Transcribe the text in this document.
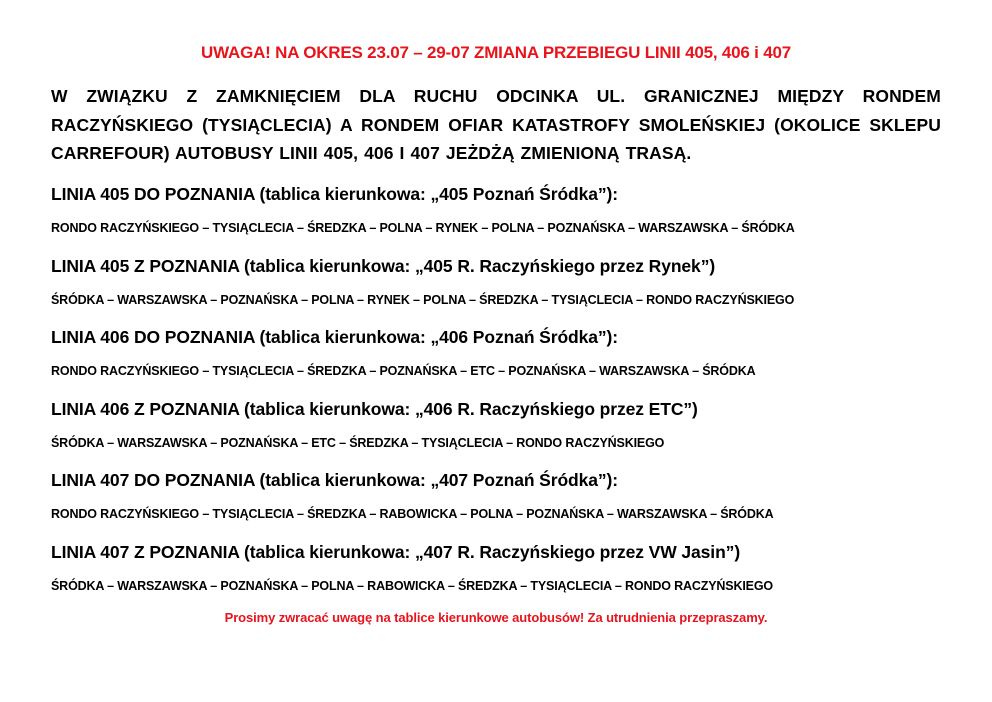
UWAGA! NA OKRES 23.07 – 29-07 ZMIANA PRZEBIEGU LINII 405, 406 i 407
W ZWIĄZKU Z ZAMKNIĘCIEM DLA RUCHU ODCINKA UL. GRANICZNEJ MIĘDZY RONDEM RACZYŃSKIEGO (TYSIĄCLECIA) A RONDEM OFIAR KATASTROFY SMOLEŃSKIEJ (OKOLICE SKLEPU CARREFOUR) AUTOBUSY LINII 405, 406 I 407 JEŻDŻĄ ZMIENIONĄ TRASĄ.
LINIA 405 DO POZNANIA (tablica kierunkowa: „405 Poznań Śródka”):
RONDO RACZYŃSKIEGO – TYSIĄCLECIA – ŚREDZKA – POLNA – RYNEK – POLNA – POZNAŃSKA – WARSZAWSKA – ŚRÓDKA
LINIA 405 Z POZNANIA (tablica kierunkowa: „405 R. Raczyńskiego przez Rynek”)
ŚRÓDKA – WARSZAWSKA – POZNAŃSKA – POLNA – RYNEK – POLNA – ŚREDZKA – TYSIĄCLECIA – RONDO RACZYŃSKIEGO
LINIA 406 DO POZNANIA (tablica kierunkowa: „406 Poznań Śródka”):
RONDO RACZYŃSKIEGO – TYSIĄCLECIA – ŚREDZKA – POZNAŃSKA – ETC – POZNAŃSKA – WARSZAWSKA – ŚRÓDKA
LINIA 406 Z POZNANIA (tablica kierunkowa: „406 R. Raczyńskiego przez ETC”)
ŚRÓDKA – WARSZAWSKA – POZNAŃSKA – ETC – ŚREDZKA – TYSIĄCLECIA – RONDO RACZYŃSKIEGO
LINIA 407 DO POZNANIA (tablica kierunkowa: „407 Poznań Śródka”):
RONDO RACZYŃSKIEGO – TYSIĄCLECIA – ŚREDZKA – RABOWICKA – POLNA – POZNAŃSKA – WARSZAWSKA – ŚRÓDKA
LINIA 407 Z POZNANIA (tablica kierunkowa: „407 R. Raczyńskiego przez VW Jasin”)
ŚRÓDKA – WARSZAWSKA – POZNAŃSKA – POLNA – RABOWICKA – ŚREDZKA – TYSIĄCLECIA – RONDO RACZYŃSKIEGO
Prosimy zwracać uwagę na tablice kierunkowe autobusów! Za utrudnienia przepraszamy.
